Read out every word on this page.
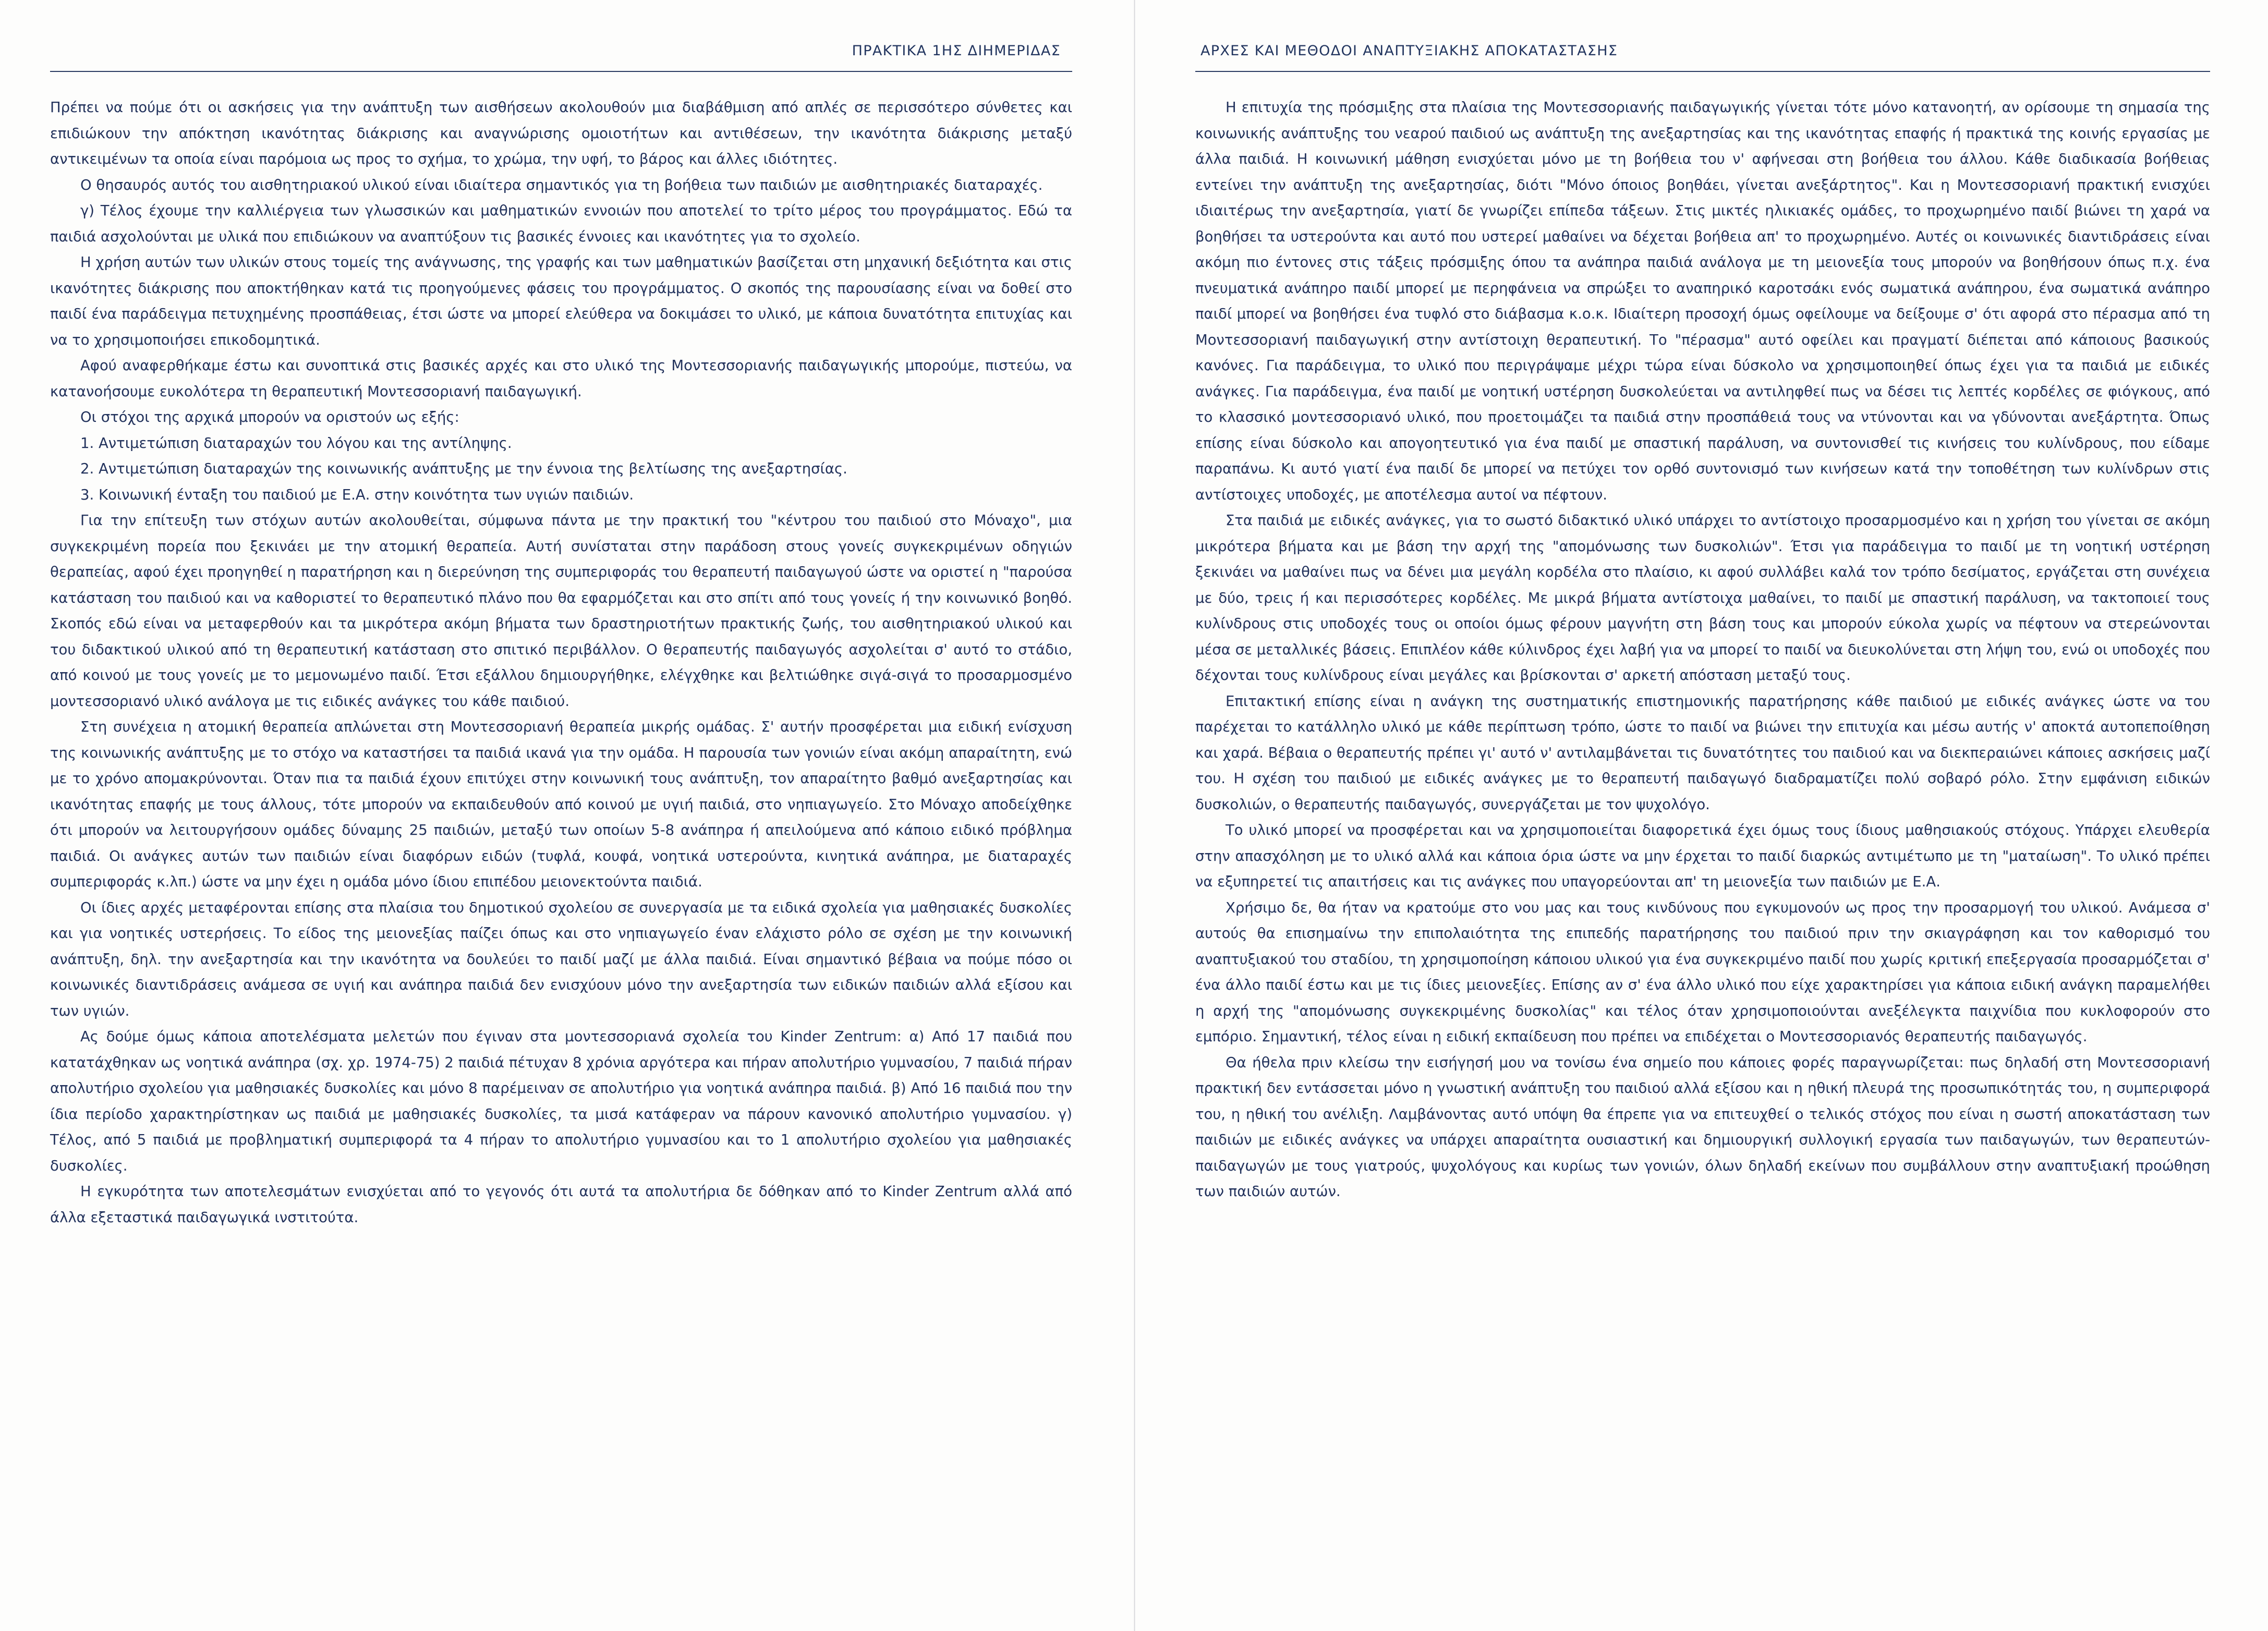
ΠΡΑΚΤΙΚΑ 1ΗΣ ΔΙΗΜΕΡΙΔΑΣ

Πρέπει να πούμε ότι οι ασκήσεις για την ανάπτυξη των αισθήσεων ακολουθούν μια διαβάθμιση από απλές σε περισσότερο σύνθετες και επιδιώκουν την απόκτηση ικανότητας διάκρισης και αναγνώρισης ομοιοτήτων και αντιθέσεων, την ικανότητα διάκρισης μεταξύ αντικειμένων τα οποία είναι παρόμοια ως προς το σχήμα, το χρώμα, την υφή, το βάρος και άλλες ιδιότητες.

Ο θησαυρός αυτός του αισθητηριακού υλικού είναι ιδιαίτερα σημαντικός για τη βοήθεια των παιδιών με αισθητηριακές διαταραχές.

γ) Τέλος έχουμε την καλλιέργεια των γλωσσικών και μαθηματικών εννοιών που αποτελεί το τρίτο μέρος του προγράμματος. Εδώ τα παιδιά ασχολούνται με υλικά που επιδιώκουν να αναπτύξουν τις βασικές έννοιες και ικανότητες για το σχολείο.

Η χρήση αυτών των υλικών στους τομείς της ανάγνωσης, της γραφής και των μαθηματικών βασίζεται στη μηχανική δεξιότητα και στις ικανότητες διάκρισης που αποκτήθηκαν κατά τις προηγούμενες φάσεις του προγράμματος. Ο σκοπός της παρουσίασης είναι να δοθεί στο παιδί ένα παράδειγμα πετυχημένης προσπάθειας, έτσι ώστε να μπορεί ελεύθερα να δοκιμάσει το υλικό, με κάποια δυνατότητα επιτυχίας και να το χρησιμοποιήσει επικοδομητικά.

Αφού αναφερθήκαμε έστω και συνοπτικά στις βασικές αρχές και στο υλικό της Μοντεσσοριανής παιδαγωγικής μπορούμε, πιστεύω, να κατανοήσουμε ευκολότερα τη θεραπευτική Μοντεσσοριανή παιδαγωγική.

Οι στόχοι της αρχικά μπορούν να οριστούν ως εξής:

1. Αντιμετώπιση διαταραχών του λόγου και της αντίληψης.

2. Αντιμετώπιση διαταραχών της κοινωνικής ανάπτυξης με την έννοια της βελτίωσης της ανεξαρτησίας.

3. Κοινωνική ένταξη του παιδιού με Ε.Α. στην κοινότητα των υγιών παιδιών.

Για την επίτευξη των στόχων αυτών ακολουθείται, σύμφωνα πάντα με την πρακτική του "κέντρου του παιδιού στο Μόναχο", μια συγκεκριμένη πορεία που ξεκινάει με την ατομική θεραπεία. Αυτή συνίσταται στην παράδοση στους γονείς συγκεκριμένων οδηγιών θεραπείας, αφού έχει προηγηθεί η παρατήρηση και η διερεύνηση της συμπεριφοράς του θεραπευτή παιδαγωγού ώστε να οριστεί η "παρούσα κατάσταση του παιδιού και να καθοριστεί το θεραπευτικό πλάνο που θα εφαρμόζεται και στο σπίτι από τους γονείς ή την κοινωνικό βοηθό. Σκοπός εδώ είναι να μεταφερθούν και τα μικρότερα ακόμη βήματα των δραστηριοτήτων πρακτικής ζωής, του αισθητηριακού υλικού και του διδακτικού υλικού από τη θεραπευτική κατάσταση στο σπιτικό περιβάλλον. Ο θεραπευτής παιδαγωγός ασχολείται σ' αυτό το στάδιο, από κοινού με τους γονείς με το μεμονωμένο παιδί. Έτσι εξάλλου δημιουργήθηκε, ελέγχθηκε και βελτιώθηκε σιγά-σιγά το προσαρμοσμένο μοντεσσοριανό υλικό ανάλογα με τις ειδικές ανάγκες του κάθε παιδιού.

Στη συνέχεια η ατομική θεραπεία απλώνεται στη Μοντεσσοριανή θεραπεία μικρής ομάδας. Σ' αυτήν προσφέρεται μια ειδική ενίσχυση της κοινωνικής ανάπτυξης με το στόχο να καταστήσει τα παιδιά ικανά για την ομάδα. Η παρουσία των γονιών είναι ακόμη απαραίτητη, ενώ με το χρόνο απομακρύνονται. Όταν πια τα παιδιά έχουν επιτύχει στην κοινωνική τους ανάπτυξη, τον απαραίτητο βαθμό ανεξαρτησίας και ικανότητας επαφής με τους άλλους, τότε μπορούν να εκπαιδευθούν από κοινού με υγιή παιδιά, στο νηπιαγωγείο. Στο Μόναχο αποδείχθηκε ότι μπορούν να λειτουργήσουν ομάδες δύναμης 25 παιδιών, μεταξύ των οποίων 5-8 ανάπηρα ή απειλούμενα από κάποιο ειδικό πρόβλημα παιδιά. Οι ανάγκες αυτών των παιδιών είναι διαφόρων ειδών (τυφλά, κουφά, νοητικά υστερούντα, κινητικά ανάπηρα, με διαταραχές συμπεριφοράς κ.λπ.) ώστε να μην έχει η ομάδα μόνο ίδιου επιπέδου μειονεκτούντα παιδιά.

Οι ίδιες αρχές μεταφέρονται επίσης στα πλαίσια του δημοτικού σχολείου σε συνεργασία με τα ειδικά σχολεία για μαθησιακές δυσκολίες και για νοητικές υστερήσεις. Το είδος της μειονεξίας παίζει όπως και στο νηπιαγωγείο έναν ελάχιστο ρόλο σε σχέση με την κοινωνική ανάπτυξη, δηλ. την ανεξαρτησία και την ικανότητα να δουλεύει το παιδί μαζί με άλλα παιδιά. Είναι σημαντικό βέβαια να πούμε πόσο οι κοινωνικές διαντιδράσεις ανάμεσα σε υγιή και ανάπηρα παιδιά δεν ενισχύουν μόνο την ανεξαρτησία των ειδικών παιδιών αλλά εξίσου και των υγιών.

Ας δούμε όμως κάποια αποτελέσματα μελετών που έγιναν στα μοντεσσοριανά σχολεία του Kinder Zentrum: α) Από 17 παιδιά που κατατάχθηκαν ως νοητικά ανάπηρα (σχ. χρ. 1974-75) 2 παιδιά πέτυχαν 8 χρόνια αργότερα και πήραν απολυτήριο γυμνασίου, 7 παιδιά πήραν απολυτήριο σχολείου για μαθησιακές δυσκολίες και μόνο 8 παρέμειναν σε απολυτήριο για νοητικά ανάπηρα παιδιά. β) Από 16 παιδιά που την ίδια περίοδο χαρακτηρίστηκαν ως παιδιά με μαθησιακές δυσκολίες, τα μισά κατάφεραν να πάρουν κανονικό απολυτήριο γυμνασίου. γ) Τέλος, από 5 παιδιά με προβληματική συμπεριφορά τα 4 πήραν το απολυτήριο γυμνασίου και το 1 απολυτήριο σχολείου για μαθησιακές δυσκολίες.

Η εγκυρότητα των αποτελεσμάτων ενισχύεται από το γεγονός ότι αυτά τα απολυτήρια δε δόθηκαν από το Kinder Zentrum αλλά από άλλα εξεταστικά παιδαγωγικά ινστιτούτα.

ΑΡΧΕΣ ΚΑΙ ΜΕΘΟΔΟΙ ΑΝΑΠΤΥΞΙΑΚΗΣ ΑΠΟΚΑΤΑΣΤΑΣΗΣ

Η επιτυχία της πρόσμιξης στα πλαίσια της Μοντεσσοριανής παιδαγωγικής γίνεται τότε μόνο κατανοητή, αν ορίσουμε τη σημασία της κοινωνικής ανάπτυξης του νεαρού παιδιού ως ανάπτυξη της ανεξαρτησίας και της ικανότητας επαφής ή πρακτικά της κοινής εργασίας με άλλα παιδιά. Η κοινωνική μάθηση ενισχύεται μόνο με τη βοήθεια του ν' αφήνεσαι στη βοήθεια του άλλου. Κάθε διαδικασία βοήθειας εντείνει την ανάπτυξη της ανεξαρτησίας, διότι "Μόνο όποιος βοηθάει, γίνεται ανεξάρτητος". Και η Μοντεσσοριανή πρακτική ενισχύει ιδιαιτέρως την ανεξαρτησία, γιατί δε γνωρίζει επίπεδα τάξεων. Στις μικτές ηλικιακές ομάδες, το προχωρημένο παιδί βιώνει τη χαρά να βοηθήσει τα υστερούντα και αυτό που υστερεί μαθαίνει να δέχεται βοήθεια απ' το προχωρημένο. Αυτές οι κοινωνικές διαντιδράσεις είναι ακόμη πιο έντονες στις τάξεις πρόσμιξης όπου τα ανάπηρα παιδιά ανάλογα με τη μειονεξία τους μπορούν να βοηθήσουν όπως π.χ. ένα πνευματικά ανάπηρο παιδί μπορεί με περηφάνεια να σπρώξει το αναπηρικό καροτσάκι ενός σωματικά ανάπηρου, ένα σωματικά ανάπηρο παιδί μπορεί να βοηθήσει ένα τυφλό στο διάβασμα κ.ο.κ. Ιδιαίτερη προσοχή όμως οφείλουμε να δείξουμε σ' ότι αφορά στο πέρασμα από τη Μοντεσσοριανή παιδαγωγική στην αντίστοιχη θεραπευτική. Το "πέρασμα" αυτό οφείλει και πραγματί διέπεται από κάποιους βασικούς κανόνες. Για παράδειγμα, το υλικό που περιγράψαμε μέχρι τώρα είναι δύσκολο να χρησιμοποιηθεί όπως έχει για τα παιδιά με ειδικές ανάγκες. Για παράδειγμα, ένα παιδί με νοητική υστέρηση δυσκολεύεται να αντιληφθεί πως να δέσει τις λεπτές κορδέλες σε φιόγκους, από το κλασσικό μοντεσσοριανό υλικό, που προετοιμάζει τα παιδιά στην προσπάθειά τους να ντύνονται και να γδύνονται ανεξάρτητα. Όπως επίσης είναι δύσκολο και απογοητευτικό για ένα παιδί με σπαστική παράλυση, να συντονισθεί τις κινήσεις του κυλίνδρους, που είδαμε παραπάνω. Κι αυτό γιατί ένα παιδί δε μπορεί να πετύχει τον ορθό συντονισμό των κινήσεων κατά την τοποθέτηση των κυλίνδρων στις αντίστοιχες υποδοχές, με αποτέλεσμα αυτοί να πέφτουν.

Στα παιδιά με ειδικές ανάγκες, για το σωστό διδακτικό υλικό υπάρχει το αντίστοιχο προσαρμοσμένο και η χρήση του γίνεται σε ακόμη μικρότερα βήματα και με βάση την αρχή της "απομόνωσης των δυσκολιών". Έτσι για παράδειγμα το παιδί με τη νοητική υστέρηση ξεκινάει να μαθαίνει πως να δένει μια μεγάλη κορδέλα στο πλαίσιο, κι αφού συλλάβει καλά τον τρόπο δεσίματος, εργάζεται στη συνέχεια με δύο, τρεις ή και περισσότερες κορδέλες. Με μικρά βήματα αντίστοιχα μαθαίνει, το παιδί με σπαστική παράλυση, να τακτοποιεί τους κυλίνδρους στις υποδοχές τους οι οποίοι όμως φέρουν μαγνήτη στη βάση τους και μπορούν εύκολα χωρίς να πέφτουν να στερεώνονται μέσα σε μεταλλικές βάσεις. Επιπλέον κάθε κύλινδρος έχει λαβή για να μπορεί το παιδί να διευκολύνεται στη λήψη του, ενώ οι υποδοχές που δέχονται τους κυλίνδρους είναι μεγάλες και βρίσκονται σ' αρκετή απόσταση μεταξύ τους.

Επιτακτική επίσης είναι η ανάγκη της συστηματικής επιστημονικής παρατήρησης κάθε παιδιού με ειδικές ανάγκες ώστε να του παρέχεται το κατάλληλο υλικό με κάθε περίπτωση τρόπο, ώστε το παιδί να βιώνει την επιτυχία και μέσω αυτής ν' αποκτά αυτοπεποίθηση και χαρά. Βέβαια ο θεραπευτής πρέπει γι' αυτό ν' αντιλαμβάνεται τις δυνατότητες του παιδιού και να διεκπεραιώνει κάποιες ασκήσεις μαζί του. Η σχέση του παιδιού με ειδικές ανάγκες με το θεραπευτή παιδαγωγό διαδραματίζει πολύ σοβαρό ρόλο. Στην εμφάνιση ειδικών δυσκολιών, ο θεραπευτής παιδαγωγός, συνεργάζεται με τον ψυχολόγο.

Το υλικό μπορεί να προσφέρεται και να χρησιμοποιείται διαφορετικά έχει όμως τους ίδιους μαθησιακούς στόχους. Υπάρχει ελευθερία στην απασχόληση με το υλικό αλλά και κάποια όρια ώστε να μην έρχεται το παιδί διαρκώς αντιμέτωπο με τη "ματαίωση". Το υλικό πρέπει να εξυπηρετεί τις απαιτήσεις και τις ανάγκες που υπαγορεύονται απ' τη μειονεξία των παιδιών με Ε.Α.

Χρήσιμο δε, θα ήταν να κρατούμε στο νου μας και τους κινδύνους που εγκυμονούν ως προς την προσαρμογή του υλικού. Ανάμεσα σ' αυτούς θα επισημαίνω την επιπολαιότητα της επιπεδής παρατήρησης του παιδιού πριν την σκιαγράφηση και τον καθορισμό του αναπτυξιακού του σταδίου, τη χρησιμοποίηση κάποιου υλικού για ένα συγκεκριμένο παιδί που χωρίς κριτική επεξεργασία προσαρμόζεται σ' ένα άλλο παιδί έστω και με τις ίδιες μειονεξίες. Επίσης αν σ' ένα άλλο υλικό που είχε χαρακτηρίσει για κάποια ειδική ανάγκη παραμελήθει η αρχή της "απομόνωσης συγκεκριμένης δυσκολίας" και τέλος όταν χρησιμοποιούνται ανεξέλεγκτα παιχνίδια που κυκλοφορούν στο εμπόριο. Σημαντική, τέλος είναι η ειδική εκπαίδευση που πρέπει να επιδέχεται ο Μοντεσσοριανός θεραπευτής παιδαγωγός.

Θα ήθελα πριν κλείσω την εισήγησή μου να τονίσω ένα σημείο που κάποιες φορές παραγνωρίζεται: πως δηλαδή στη Μοντεσσοριανή πρακτική δεν εντάσσεται μόνο η γνωστική ανάπτυξη του παιδιού αλλά εξίσου και η ηθική πλευρά της προσωπικότητάς του, η συμπεριφορά του, η ηθική του ανέλιξη. Λαμβάνοντας αυτό υπόψη θα έπρεπε για να επιτευχθεί ο τελικός στόχος που είναι η σωστή αποκατάσταση των παιδιών με ειδικές ανάγκες να υπάρχει απαραίτητα ουσιαστική και δημιουργική συλλογική εργασία των παιδαγωγών, των θεραπευτών-παιδαγωγών με τους γιατρούς, ψυχολόγους και κυρίως των γονιών, όλων δηλαδή εκείνων που συμβάλλουν στην αναπτυξιακή προώθηση των παιδιών αυτών.
